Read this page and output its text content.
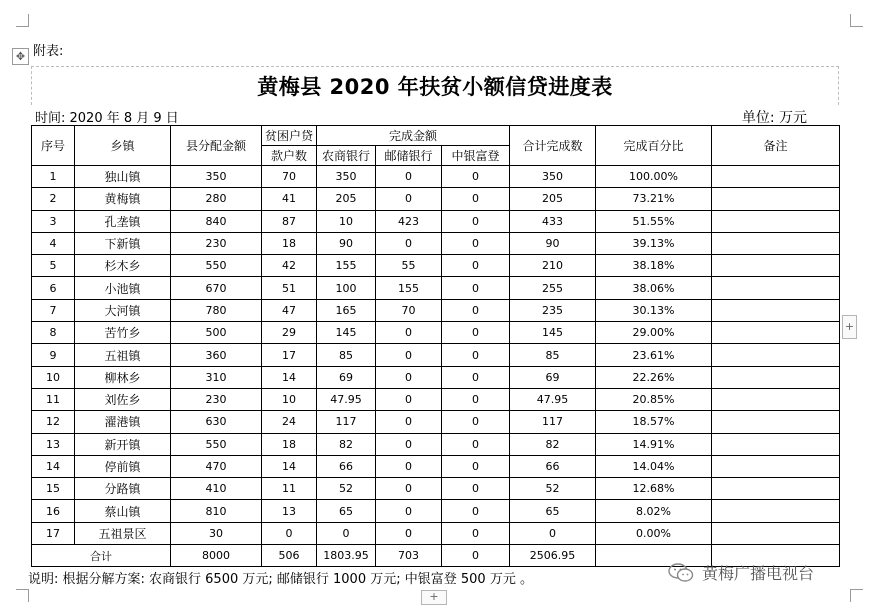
✥ 附表:
黄梅县 2020 年扶贫小额信贷进度表
时间: 2020 年 8 月 9 日	单位: 万元
序号	乡镇	县分配金额	贫困户贷	完成金额			合计完成数	完成百分比	备注
			款户数	农商银行	邮储银行	中银富登			
1	独山镇	350	70	350	0	0	350	100.00%	
2	黄梅镇	280	41	205	0	0	205	73.21%	
3	孔垄镇	840	87	10	423	0	433	51.55%	
4	下新镇	230	18	90	0	0	90	39.13%	
5	杉木乡	550	42	155	55	0	210	38.18%	
6	小池镇	670	51	100	155	0	255	38.06%	
7	大河镇	780	47	165	70	0	235	30.13%	
8	苦竹乡	500	29	145	0	0	145	29.00%	
9	五祖镇	360	17	85	0	0	85	23.61%	
10	柳林乡	310	14	69	0	0	69	22.26%	
11	刘佐乡	230	10	47.95	0	0	47.95	20.85%	
12	濯港镇	630	24	117	0	0	117	18.57%	
13	新开镇	550	18	82	0	0	82	14.91%	
14	停前镇	470	14	66	0	0	66	14.04%	
15	分路镇	410	11	52	0	0	52	12.68%	
16	蔡山镇	810	13	65	0	0	65	8.02%	
17	五祖景区	30	0	0	0	0	0	0.00%	
合计		8000	506	1803.95	703	0	2506.95		
说明: 根据分解方案: 农商银行 6500 万元; 邮储银行 1000 万元; 中银富登 500 万元 。
+
+
黄梅广播电视台
